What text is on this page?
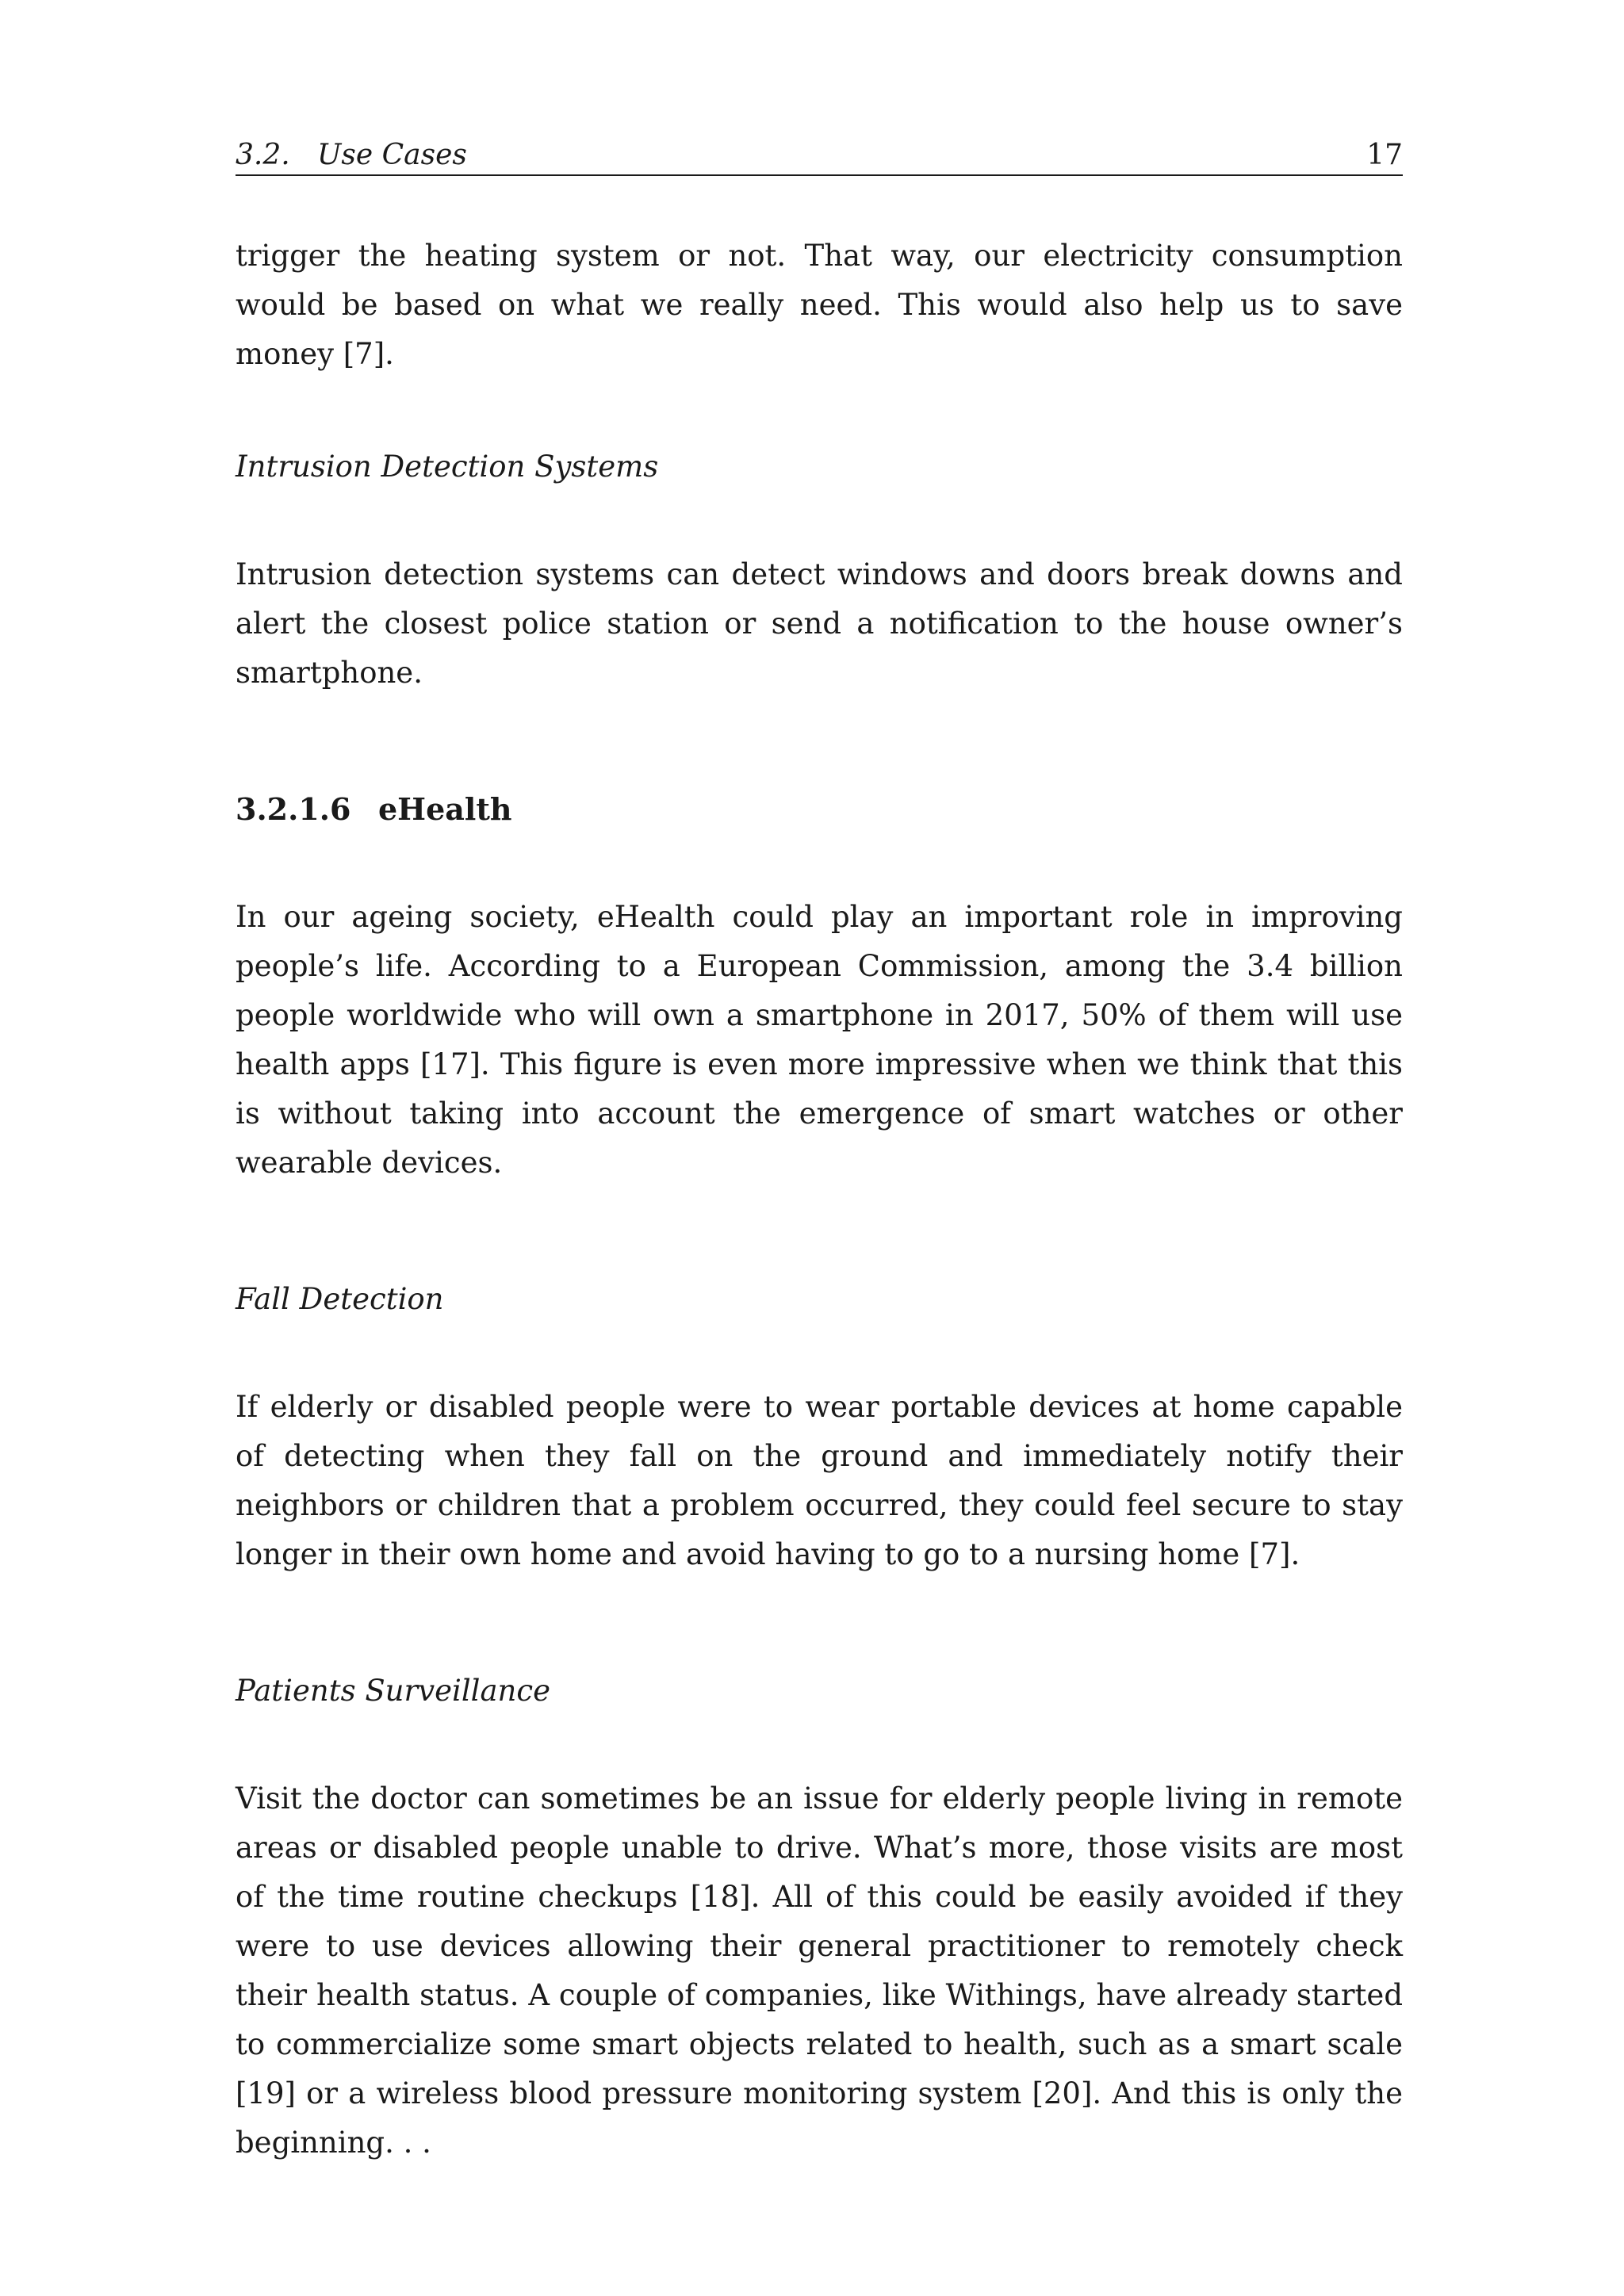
3.2.   Use Cases	17

trigger the heating system or not. That way, our electricity consumption would be based on what we really need. This would also help us to save money [7].

Intrusion Detection Systems

Intrusion detection systems can detect windows and doors break downs and alert the closest police station or send a notification to the house owner’s smartphone.

3.2.1.6 eHealth

In our ageing society, eHealth could play an important role in improving people’s life. According to a European Commission, among the 3.4 billion people worldwide who will own a smartphone in 2017, 50% of them will use health apps [17]. This figure is even more impressive when we think that this is without taking into account the emergence of smart watches or other wearable devices.

Fall Detection

If elderly or disabled people were to wear portable devices at home capable of detecting when they fall on the ground and immediately notify their neighbors or children that a problem occurred, they could feel secure to stay longer in their own home and avoid having to go to a nursing home [7].

Patients Surveillance

Visit the doctor can sometimes be an issue for elderly people living in remote areas or disabled people unable to drive. What’s more, those visits are most of the time routine checkups [18]. All of this could be easily avoided if they were to use devices allowing their general practitioner to remotely check their health status. A couple of companies, like Withings, have already started to commercialize some smart objects related to health, such as a smart scale [19] or a wireless blood pressure monitoring system [20]. And this is only the beginning. . .
